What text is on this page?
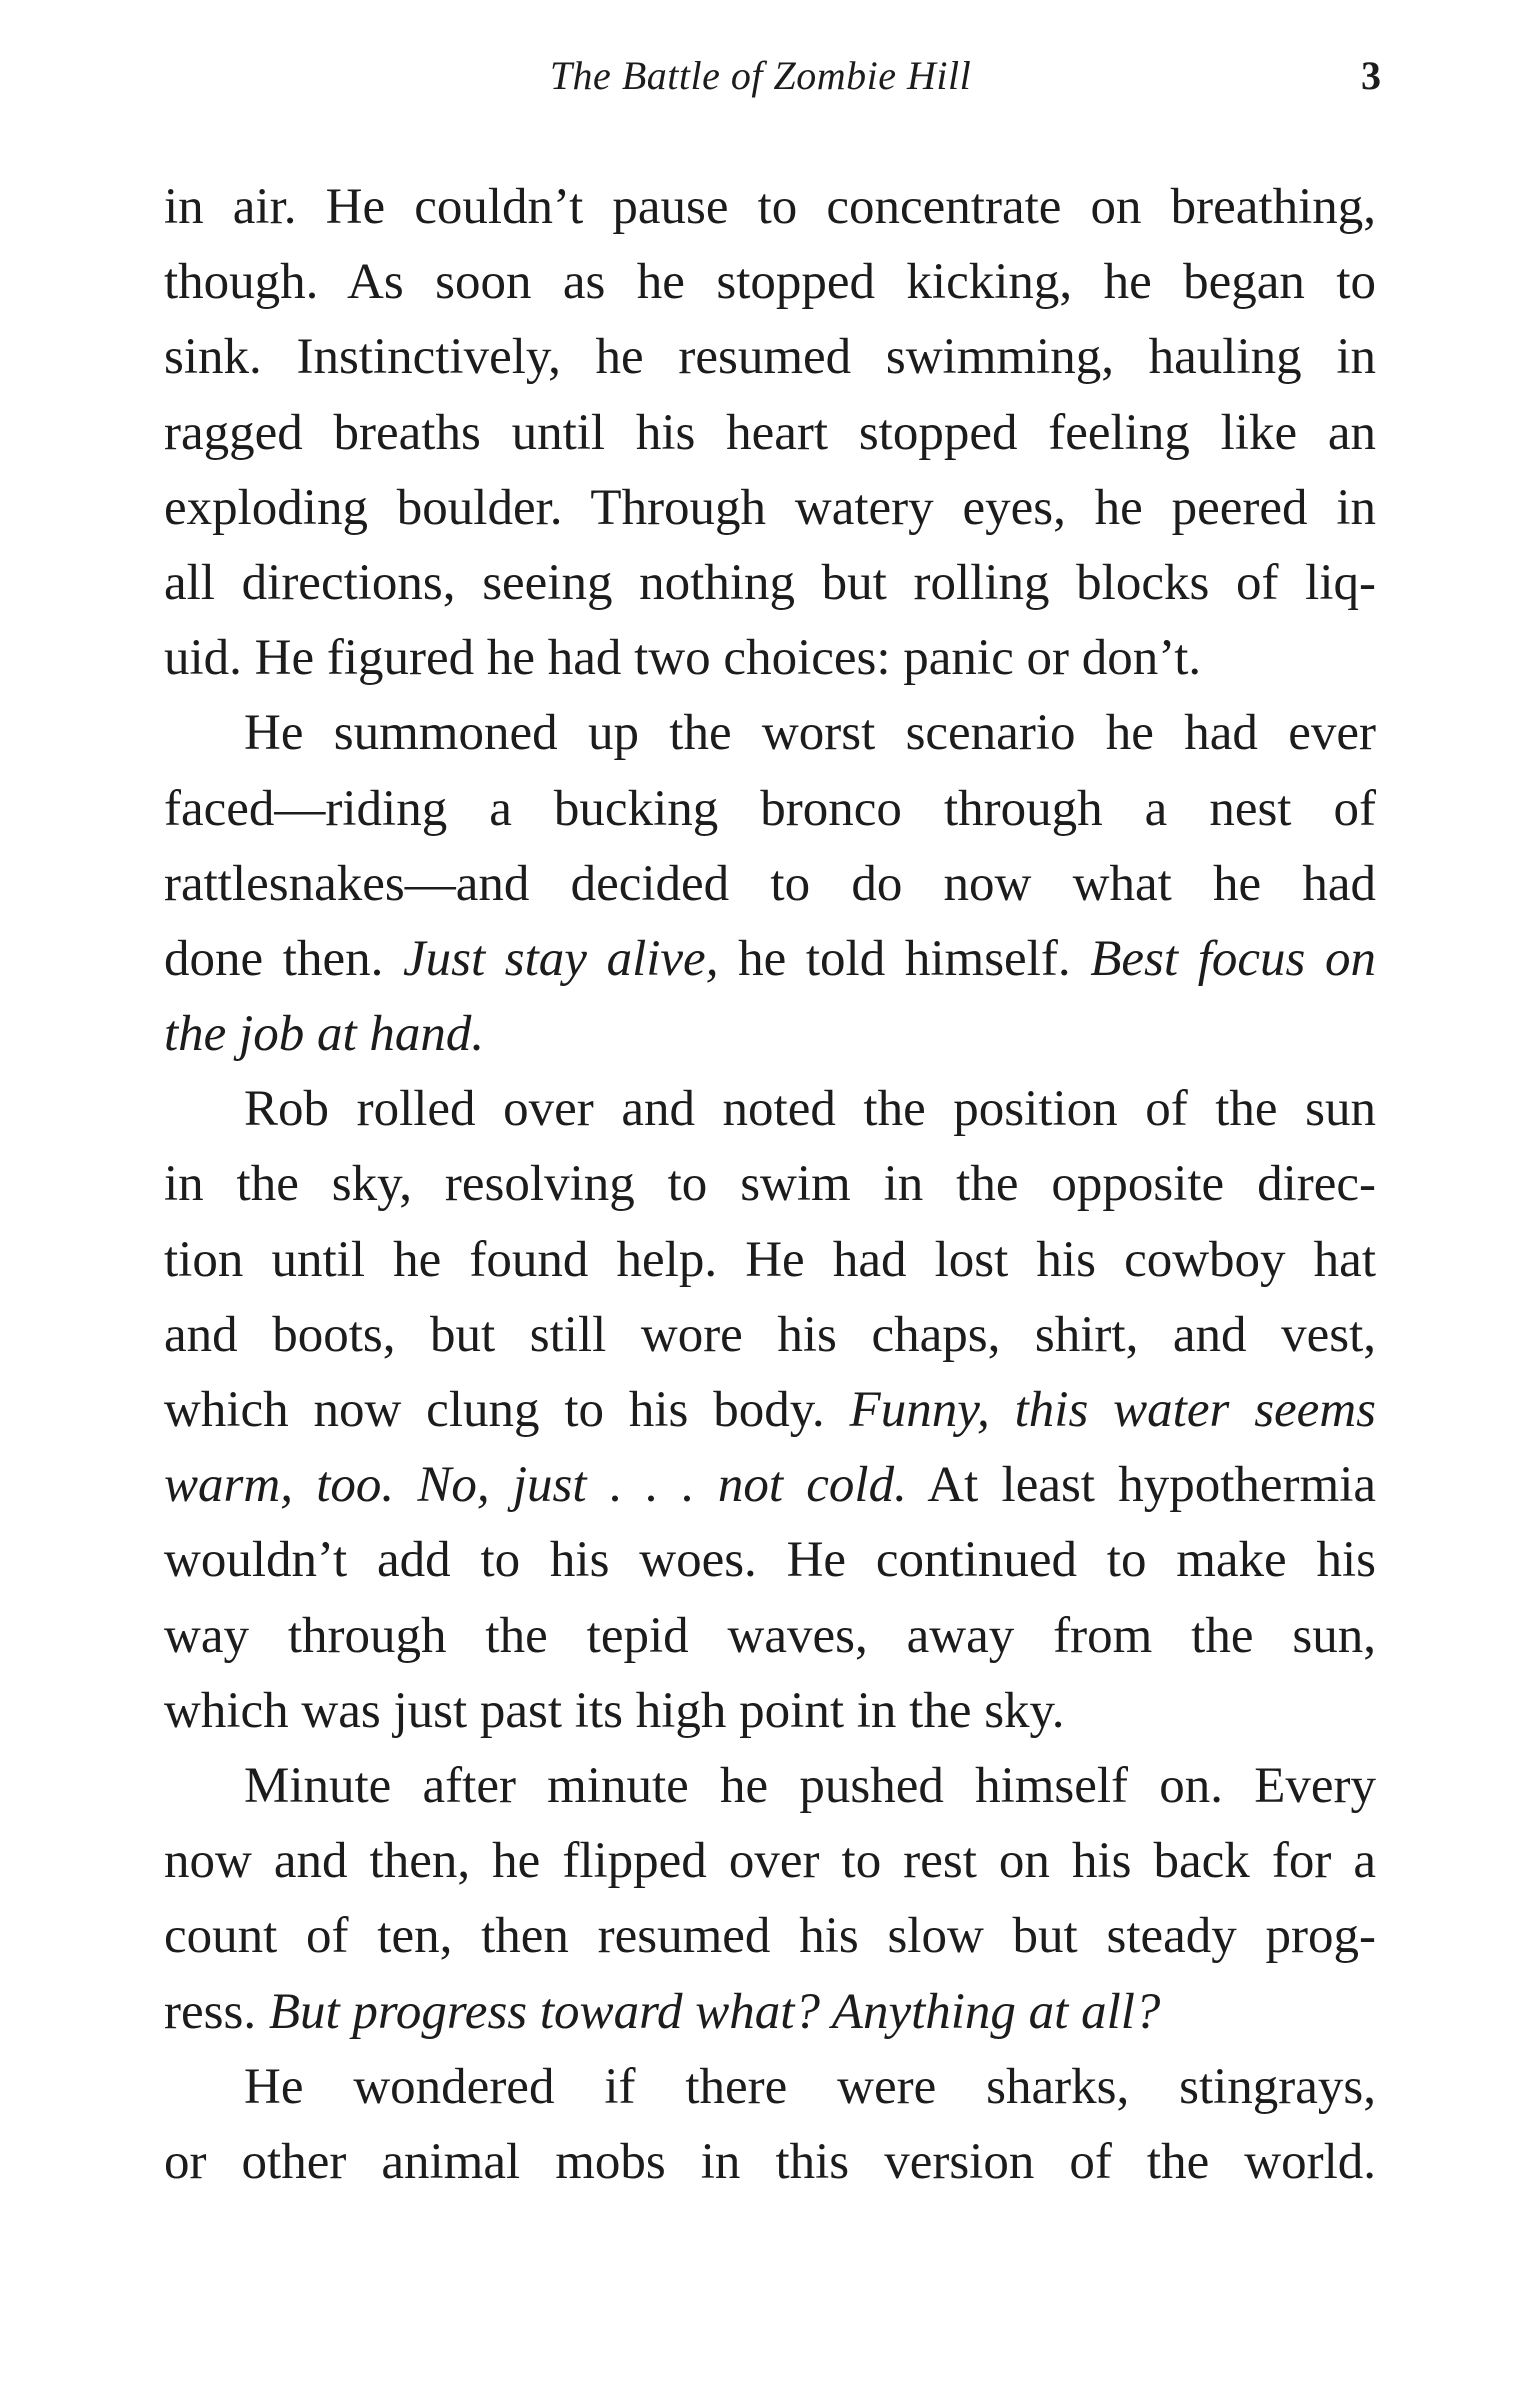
The Battle of Zombie Hill	3
in air. He couldn’t pause to concentrate on breathing,
though. As soon as he stopped kicking, he began to
sink. Instinctively, he resumed swimming, hauling in
ragged breaths until his heart stopped feeling like an
exploding boulder. Through watery eyes, he peered in
all directions, seeing nothing but rolling blocks of liq-
uid. He figured he had two choices: panic or don’t.
He summoned up the worst scenario he had ever
faced—riding a bucking bronco through a nest of
rattlesnakes—and decided to do now what he had
done then. Just stay alive, he told himself. Best focus on
the job at hand.
Rob rolled over and noted the position of the sun
in the sky, resolving to swim in the opposite direc-
tion until he found help. He had lost his cowboy hat
and boots, but still wore his chaps, shirt, and vest,
which now clung to his body. Funny, this water seems
warm, too. No, just . . . not cold. At least hypothermia
wouldn’t add to his woes. He continued to make his
way through the tepid waves, away from the sun,
which was just past its high point in the sky.
Minute after minute he pushed himself on. Every
now and then, he flipped over to rest on his back for a
count of ten, then resumed his slow but steady prog-
ress. But progress toward what? Anything at all?
He wondered if there were sharks, stingrays,
or other animal mobs in this version of the world.
